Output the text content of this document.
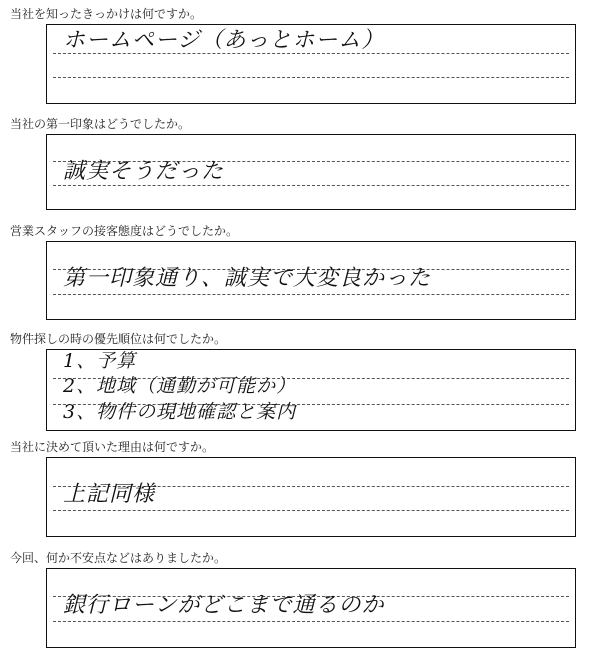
当社を知ったきっかけは何ですか。
ホームページ（あっとホーム）
当社の第一印象はどうでしたか。
誠実そうだった
営業スタッフの接客態度はどうでしたか。
第一印象通り、誠実で大変良かった
物件探しの時の優先順位は何でしたか。
1、予算
2、地域（通勤が可能か）
3、物件の現地確認と案内
当社に決めて頂いた理由は何ですか。
上記同様
今回、何か不安点などはありましたか。
銀行ローンがどこまで通るのか
